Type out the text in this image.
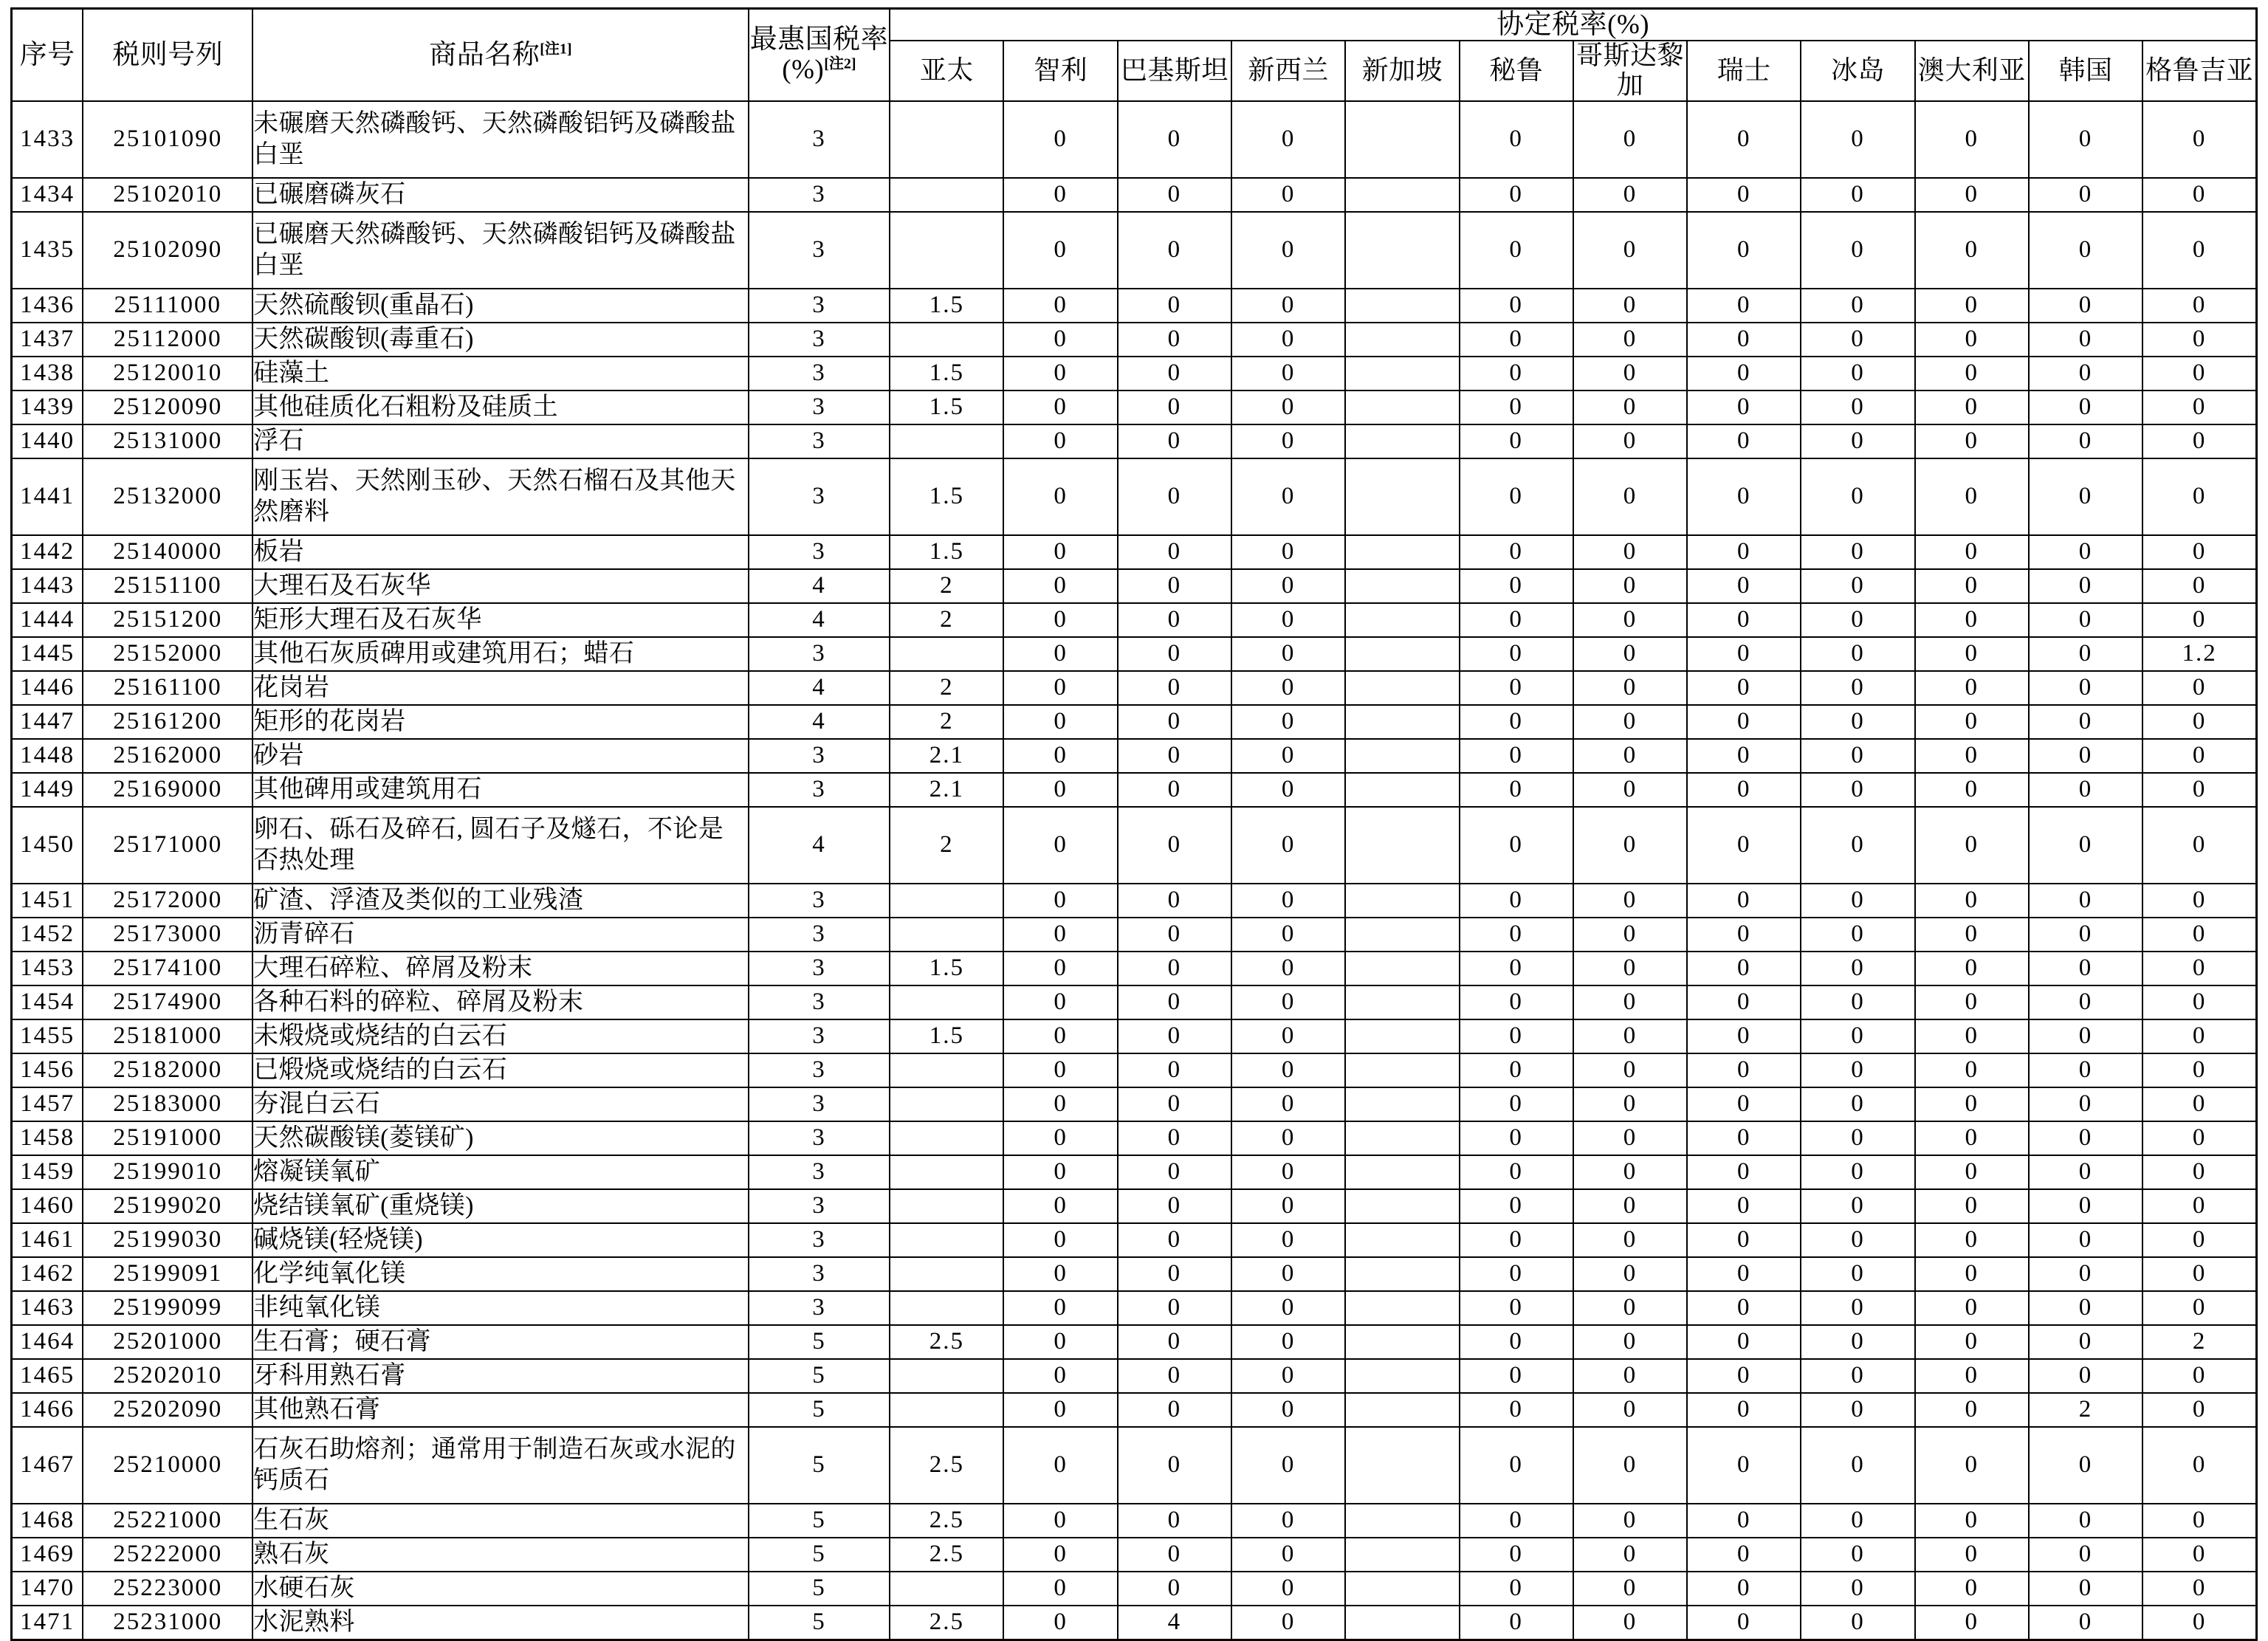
序号	税则号列	商品名称[注1]	最惠国税率
(%)[注2]	协定税率(%)											
				亚太	智利	巴基斯坦	新西兰	新加坡	秘鲁	哥斯达黎加	瑞士	冰岛	澳大利亚	韩国	格鲁吉亚
1433	25101090	未碾磨天然磷酸钙、天然磷酸铝钙及磷酸盐白垩	3		0	0	0		0	0	0	0	0	0	0
1434	25102010	已碾磨磷灰石	3		0	0	0		0	0	0	0	0	0	0
1435	25102090	已碾磨天然磷酸钙、天然磷酸铝钙及磷酸盐白垩	3		0	0	0		0	0	0	0	0	0	0
1436	25111000	天然硫酸钡(重晶石)	3	1.5	0	0	0		0	0	0	0	0	0	0
1437	25112000	天然碳酸钡(毒重石)	3		0	0	0		0	0	0	0	0	0	0
1438	25120010	硅藻土	3	1.5	0	0	0		0	0	0	0	0	0	0
1439	25120090	其他硅质化石粗粉及硅质土	3	1.5	0	0	0		0	0	0	0	0	0	0
1440	25131000	浮石	3		0	0	0		0	0	0	0	0	0	0
1441	25132000	刚玉岩、天然刚玉砂、天然石榴石及其他天然磨料	3	1.5	0	0	0		0	0	0	0	0	0	0
1442	25140000	板岩	3	1.5	0	0	0		0	0	0	0	0	0	0
1443	25151100	大理石及石灰华	4	2	0	0	0		0	0	0	0	0	0	0
1444	25151200	矩形大理石及石灰华	4	2	0	0	0		0	0	0	0	0	0	0
1445	25152000	其他石灰质碑用或建筑用石；蜡石	3		0	0	0		0	0	0	0	0	0	1.2
1446	25161100	花岗岩	4	2	0	0	0		0	0	0	0	0	0	0
1447	25161200	矩形的花岗岩	4	2	0	0	0		0	0	0	0	0	0	0
1448	25162000	砂岩	3	2.1	0	0	0		0	0	0	0	0	0	0
1449	25169000	其他碑用或建筑用石	3	2.1	0	0	0		0	0	0	0	0	0	0
1450	25171000	卵石、砾石及碎石, 圆石子及燧石，不论是否热处理	4	2	0	0	0		0	0	0	0	0	0	0
1451	25172000	矿渣、浮渣及类似的工业残渣	3		0	0	0		0	0	0	0	0	0	0
1452	25173000	沥青碎石	3		0	0	0		0	0	0	0	0	0	0
1453	25174100	大理石碎粒、碎屑及粉末	3	1.5	0	0	0		0	0	0	0	0	0	0
1454	25174900	各种石料的碎粒、碎屑及粉末	3		0	0	0		0	0	0	0	0	0	0
1455	25181000	未煅烧或烧结的白云石	3	1.5	0	0	0		0	0	0	0	0	0	0
1456	25182000	已煅烧或烧结的白云石	3		0	0	0		0	0	0	0	0	0	0
1457	25183000	夯混白云石	3		0	0	0		0	0	0	0	0	0	0
1458	25191000	天然碳酸镁(菱镁矿)	3		0	0	0		0	0	0	0	0	0	0
1459	25199010	熔凝镁氧矿	3		0	0	0		0	0	0	0	0	0	0
1460	25199020	烧结镁氧矿(重烧镁)	3		0	0	0		0	0	0	0	0	0	0
1461	25199030	碱烧镁(轻烧镁)	3		0	0	0		0	0	0	0	0	0	0
1462	25199091	化学纯氧化镁	3		0	0	0		0	0	0	0	0	0	0
1463	25199099	非纯氧化镁	3		0	0	0		0	0	0	0	0	0	0
1464	25201000	生石膏；硬石膏	5	2.5	0	0	0		0	0	0	0	0	0	2
1465	25202010	牙科用熟石膏	5		0	0	0		0	0	0	0	0	0	0
1466	25202090	其他熟石膏	5		0	0	0		0	0	0	0	0	2	0
1467	25210000	石灰石助熔剂；通常用于制造石灰或水泥的钙质石	5	2.5	0	0	0		0	0	0	0	0	0	0
1468	25221000	生石灰	5	2.5	0	0	0		0	0	0	0	0	0	0
1469	25222000	熟石灰	5	2.5	0	0	0		0	0	0	0	0	0	0
1470	25223000	水硬石灰	5		0	0	0		0	0	0	0	0	0	0
1471	25231000	水泥熟料	5	2.5	0	4	0		0	0	0	0	0	0	0
